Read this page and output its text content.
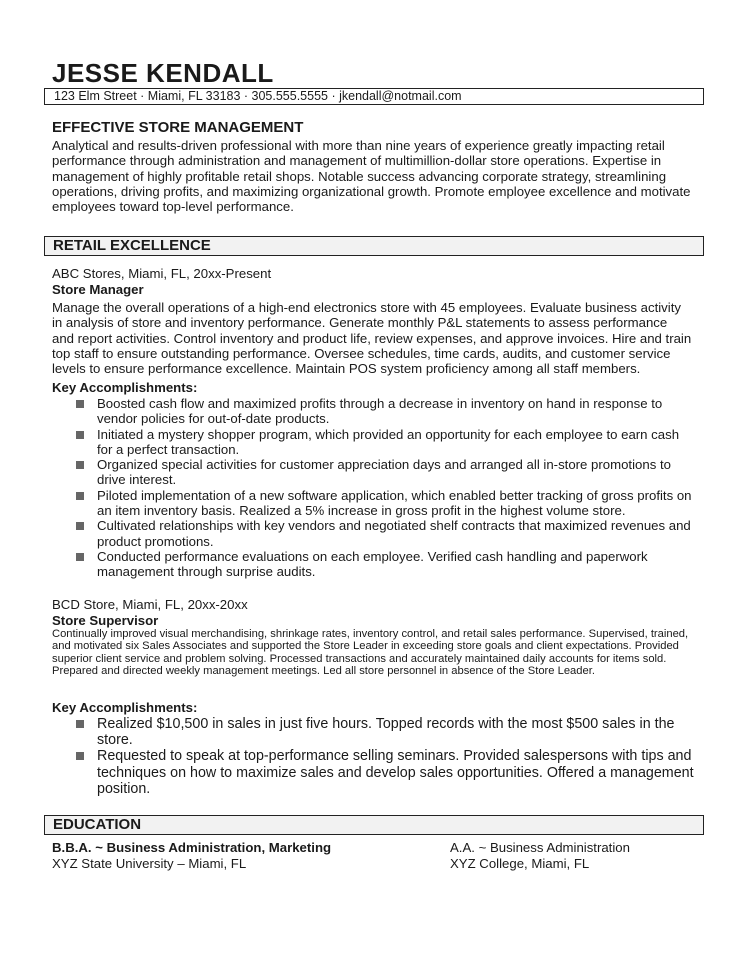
JESSE KENDALL
123 Elm Street · Miami, FL 33183 · 305.555.5555 · jkendall@notmail.com
EFFECTIVE STORE MANAGEMENT

Analytical and results-driven professional with more than nine years of experience greatly impacting retail performance through administration and management of multimillion-dollar store operations. Expertise in management of highly profitable retail shops. Notable success advancing corporate strategy, streamlining operations, driving profits, and maximizing organizational growth. Promote employee excellence and motivate employees toward top-level performance.

RETAIL EXCELLENCE

ABC Stores, Miami, FL, 20xx-Present

Store Manager

Manage the overall operations of a high-end electronics store with 45 employees. Evaluate business activity in analysis of store and inventory performance. Generate monthly P&L statements to assess performance and report activities. Control inventory and product life, review expenses, and approve invoices. Hire and train top staff to ensure outstanding performance. Oversee schedules, time cards, audits, and customer service levels to ensure performance excellence. Maintain POS system proficiency among all staff members.

Key Accomplishments:

Boosted cash flow and maximized profits through a decrease in inventory on hand in response to vendor policies for out-of-date products.
Initiated a mystery shopper program, which provided an opportunity for each employee to earn cash for a perfect transaction.
Organized special activities for customer appreciation days and arranged all in-store promotions to drive interest.
Piloted implementation of a new software application, which enabled better tracking of gross profits on an item inventory basis. Realized a 5% increase in gross profit in the highest volume store.
Cultivated relationships with key vendors and negotiated shelf contracts that maximized revenues and product promotions.
Conducted performance evaluations on each employee. Verified cash handling and paperwork management through surprise audits.

BCD Store, Miami, FL, 20xx-20xx

Store Supervisor

Continually improved visual merchandising, shrinkage rates, inventory control, and retail sales performance. Supervised, trained, and motivated six Sales Associates and supported the Store Leader in exceeding store goals and client expectations. Provided superior client service and problem solving. Processed transactions and accurately maintained daily accounts for items sold. Prepared and directed weekly management meetings. Led all store personnel in absence of the Store Leader.

Key Accomplishments:

Realized $10,500 in sales in just five hours. Topped records with the most $500 sales in the store.
Requested to speak at top-performance selling seminars. Provided salespersons with tips and techniques on how to maximize sales and develop sales opportunities. Offered a management position.
EDUCATION
B.B.A. ~ Business Administration, Marketing
XYZ State University – Miami, FL
A.A. ~ Business Administration
XYZ College, Miami, FL
